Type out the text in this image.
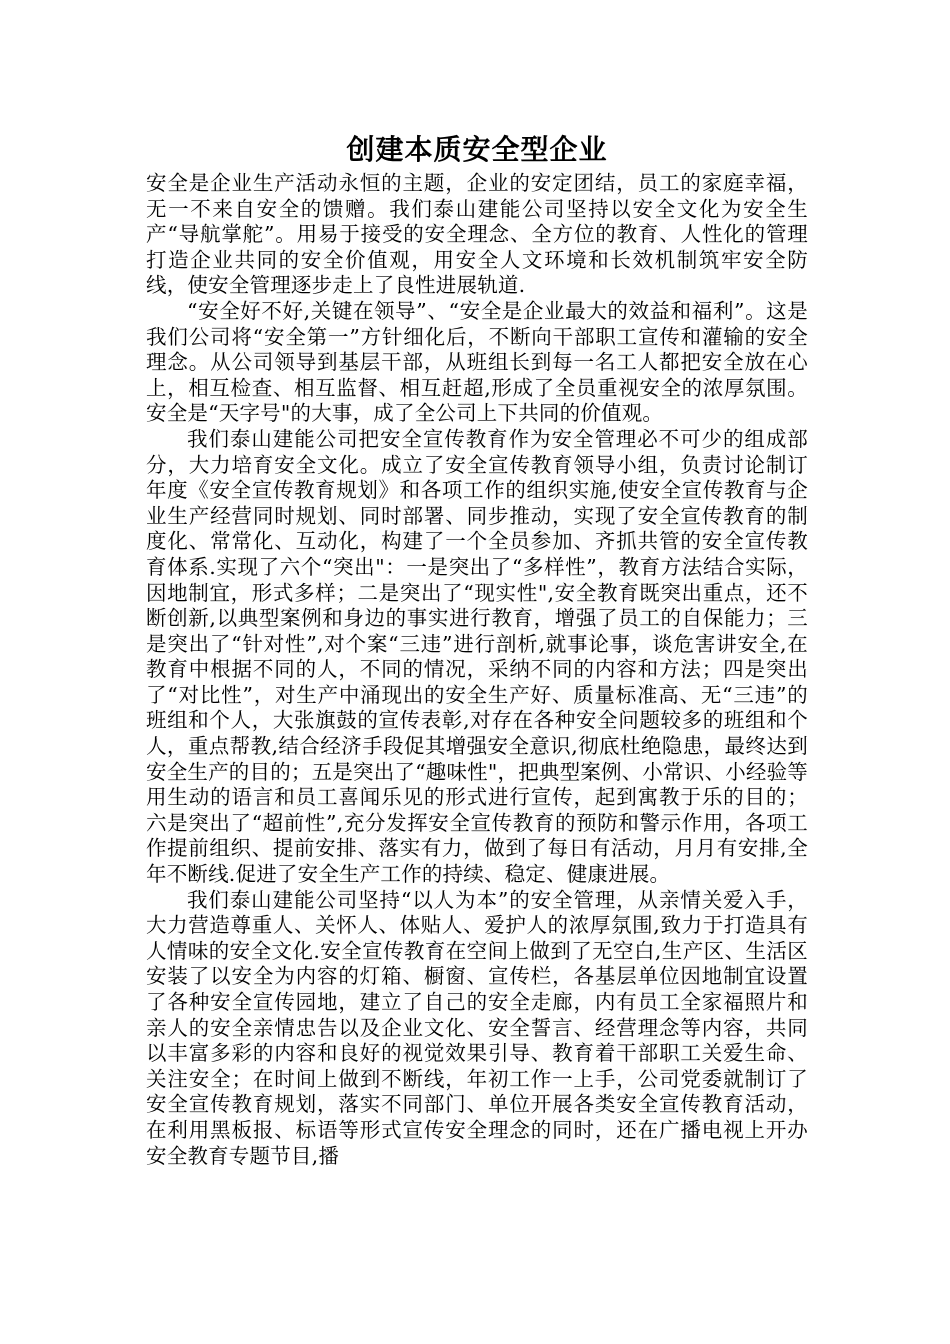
创建本质安全型企业

安全是企业生产活动永恒的主题，企业的安定团结，员工的家庭幸福，无一不来自安全的馈赠。我们泰山建能公司坚持以安全文化为安全生产“导航掌舵”。用易于接受的安全理念、全方位的教育、人性化的管理打造企业共同的安全价值观，用安全人文环境和长效机制筑牢安全防线，使安全管理逐步走上了良性进展轨道.

“安全好不好,关键在领导”、“安全是企业最大的效益和福利”。这是我们公司将“安全第一”方针细化后，不断向干部职工宣传和灌输的安全理念。从公司领导到基层干部，从班组长到每一名工人都把安全放在心上，相互检查、相互监督、相互赶超,形成了全员重视安全的浓厚氛围。安全是“天字号"的大事，成了全公司上下共同的价值观。

我们泰山建能公司把安全宣传教育作为安全管理必不可少的组成部分，大力培育安全文化。成立了安全宣传教育领导小组，负责讨论制订年度《安全宣传教育规划》和各项工作的组织实施,使安全宣传教育与企业生产经营同时规划、同时部署、同步推动，实现了安全宣传教育的制度化、常常化、互动化，构建了一个全员参加、齐抓共管的安全宣传教育体系.实现了六个“突出"：一是突出了“多样性”，教育方法结合实际，因地制宜，形式多样；二是突出了“现实性",安全教育既突出重点，还不断创新,以典型案例和身边的事实进行教育，增强了员工的自保能力；三是突出了“针对性”,对个案“三违”进行剖析,就事论事，谈危害讲安全,在教育中根据不同的人，不同的情况，采纳不同的内容和方法；四是突出了“对比性”，对生产中涌现出的安全生产好、质量标准高、无“三违”的班组和个人，大张旗鼓的宣传表彰,对存在各种安全问题较多的班组和个人，重点帮教,结合经济手段促其增强安全意识,彻底杜绝隐患，最终达到安全生产的目的；五是突出了“趣味性"，把典型案例、小常识、小经验等用生动的语言和员工喜闻乐见的形式进行宣传，起到寓教于乐的目的；六是突出了“超前性”,充分发挥安全宣传教育的预防和警示作用，各项工作提前组织、提前安排、落实有力，做到了每日有活动，月月有安排,全年不断线.促进了安全生产工作的持续、稳定、健康进展。

我们泰山建能公司坚持“以人为本”的安全管理，从亲情关爱入手，大力营造尊重人、关怀人、体贴人、爱护人的浓厚氛围,致力于打造具有人情味的安全文化.安全宣传教育在空间上做到了无空白,生产区、生活区安装了以安全为内容的灯箱、橱窗、宣传栏，各基层单位因地制宜设置了各种安全宣传园地，建立了自己的安全走廊，内有员工全家福照片和亲人的安全亲情忠告以及企业文化、安全誓言、经营理念等内容，共同以丰富多彩的内容和良好的视觉效果引导、教育着干部职工关爱生命、关注安全；在时间上做到不断线，年初工作一上手，公司党委就制订了安全宣传教育规划，落实不同部门、单位开展各类安全宣传教育活动，在利用黑板报、标语等形式宣传安全理念的同时，还在广播电视上开办安全教育专题节目,播
